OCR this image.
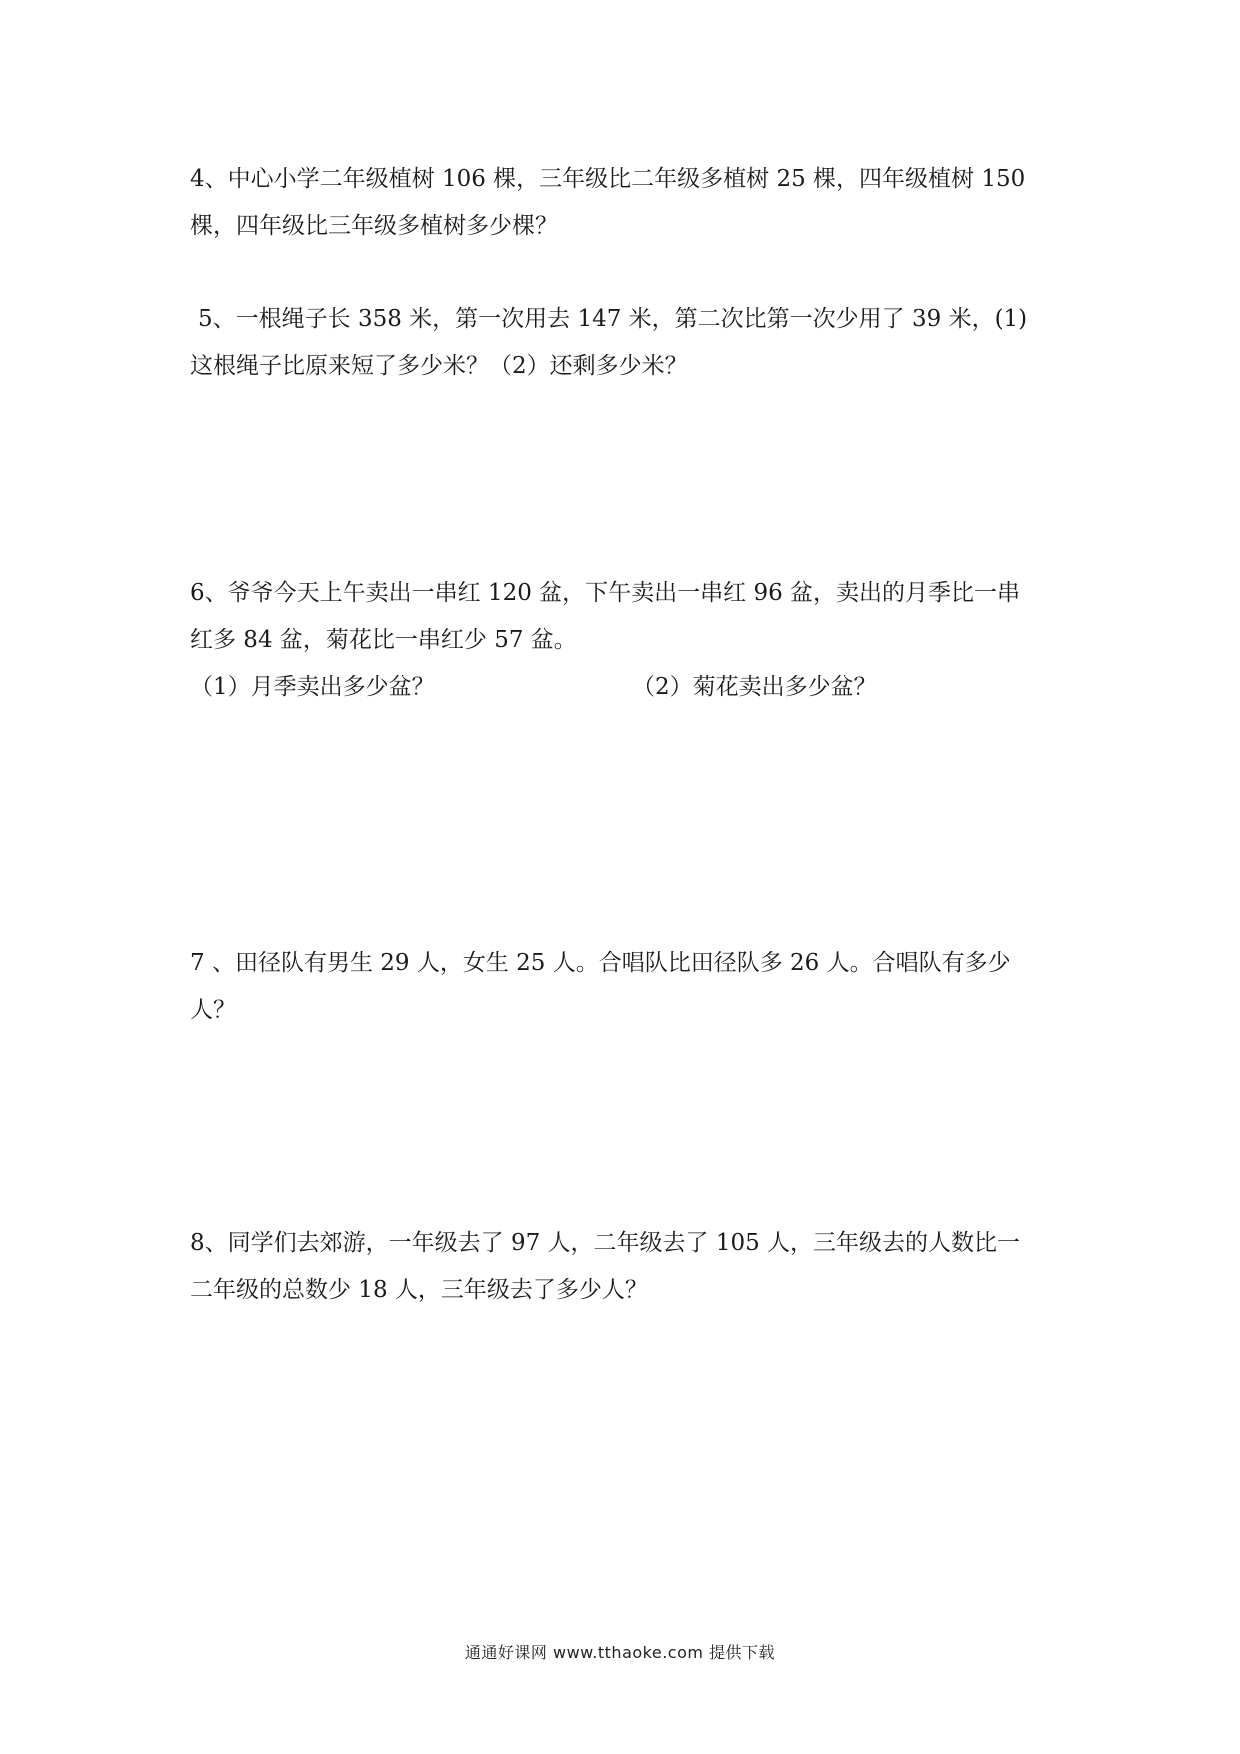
4、中心小学二年级植树 106 棵，三年级比二年级多植树 25 棵，四年级植树 150
棵，四年级比三年级多植树多少棵？
5、一根绳子长 358 米，第一次用去 147 米，第二次比第一次少用了 39 米，(1)
这根绳子比原来短了多少米？（2）还剩多少米？
6、爷爷今天上午卖出一串红 120 盆，下午卖出一串红 96 盆，卖出的月季比一串
红多 84 盆，菊花比一串红少 57 盆。
（1）月季卖出多少盆？	（2）菊花卖出多少盆？
7 、田径队有男生 29 人，女生 25 人。合唱队比田径队多 26 人。合唱队有多少
人？
8、同学们去郊游，一年级去了 97 人，二年级去了 105 人，三年级去的人数比一
二年级的总数少 18 人，三年级去了多少人？
通通好课网 www.tthaoke.com 提供下载
